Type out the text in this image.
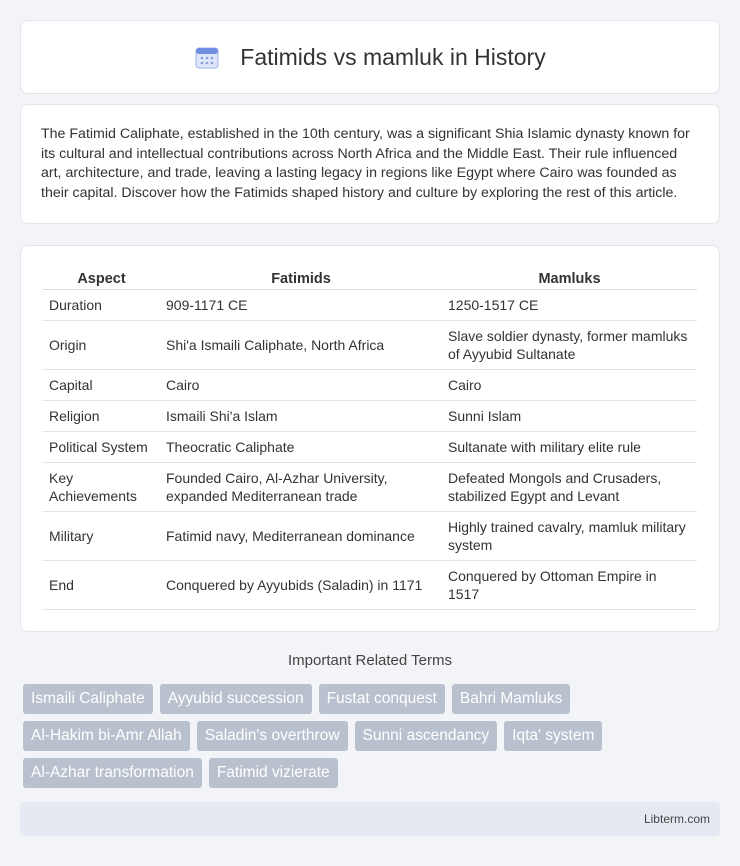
Fatimids vs mamluk in History

The Fatimid Caliphate, established in the 10th century, was a significant Shia Islamic dynasty known for its cultural and intellectual contributions across North Africa and the Middle East. Their rule influenced art, architecture, and trade, leaving a lasting legacy in regions like Egypt where Cairo was founded as their capital. Discover how the Fatimids shaped history and culture by exploring the rest of this article.

Aspect	Fatimids	Mamluks
Duration	909-1171 CE	1250-1517 CE
Origin	Shi'a Ismaili Caliphate, North Africa	Slave soldier dynasty, former mamluks of Ayyubid Sultanate
Capital	Cairo	Cairo
Religion	Ismaili Shi'a Islam	Sunni Islam
Political System	Theocratic Caliphate	Sultanate with military elite rule
Key Achievements	Founded Cairo, Al-Azhar University, expanded Mediterranean trade	Defeated Mongols and Crusaders, stabilized Egypt and Levant
Military	Fatimid navy, Mediterranean dominance	Highly trained cavalry, mamluk military system
End	Conquered by Ayyubids (Saladin) in 1171	Conquered by Ottoman Empire in 1517
Important Related Terms
Ismaili Caliphate	Ayyubid succession	Fustat conquest	Bahri Mamluks
Al-Hakim bi-Amr Allah	Saladin's overthrow	Sunni ascendancy	Iqta' system
Al-Azhar transformation	Fatimid vizierate
Libterm.com
